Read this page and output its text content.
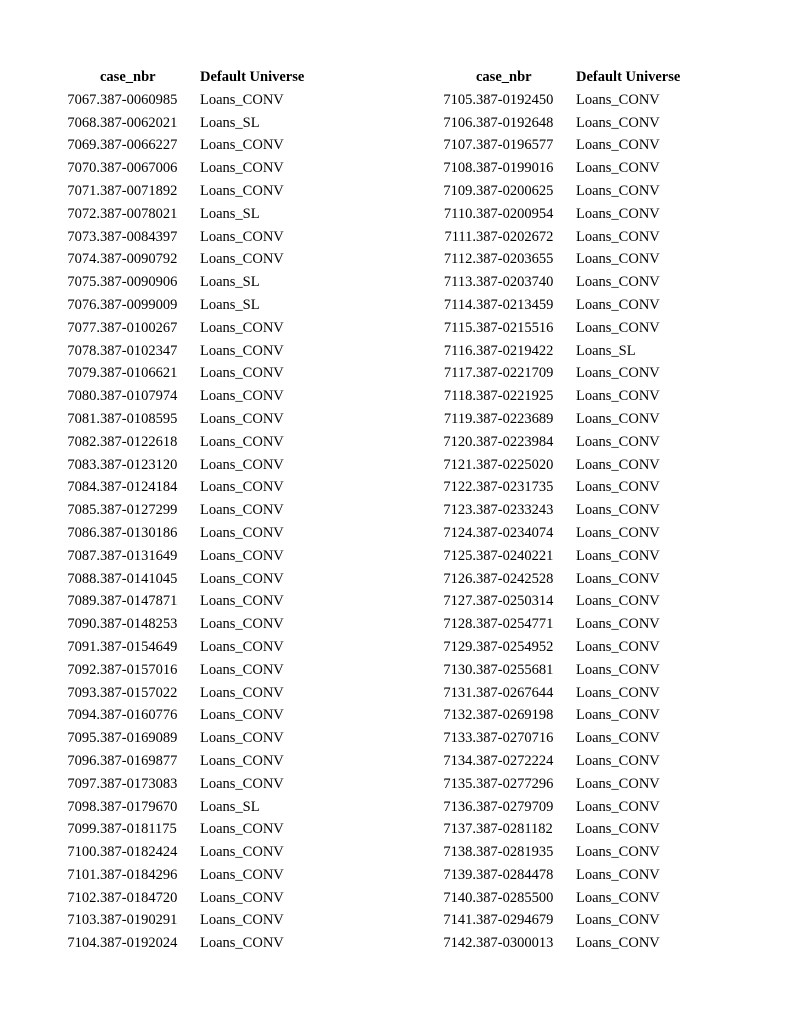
	case_nbr	Default Universe
7067.	387-0060985	Loans_CONV
7068.	387-0062021	Loans_SL
7069.	387-0066227	Loans_CONV
7070.	387-0067006	Loans_CONV
7071.	387-0071892	Loans_CONV
7072.	387-0078021	Loans_SL
7073.	387-0084397	Loans_CONV
7074.	387-0090792	Loans_CONV
7075.	387-0090906	Loans_SL
7076.	387-0099009	Loans_SL
7077.	387-0100267	Loans_CONV
7078.	387-0102347	Loans_CONV
7079.	387-0106621	Loans_CONV
7080.	387-0107974	Loans_CONV
7081.	387-0108595	Loans_CONV
7082.	387-0122618	Loans_CONV
7083.	387-0123120	Loans_CONV
7084.	387-0124184	Loans_CONV
7085.	387-0127299	Loans_CONV
7086.	387-0130186	Loans_CONV
7087.	387-0131649	Loans_CONV
7088.	387-0141045	Loans_CONV
7089.	387-0147871	Loans_CONV
7090.	387-0148253	Loans_CONV
7091.	387-0154649	Loans_CONV
7092.	387-0157016	Loans_CONV
7093.	387-0157022	Loans_CONV
7094.	387-0160776	Loans_CONV
7095.	387-0169089	Loans_CONV
7096.	387-0169877	Loans_CONV
7097.	387-0173083	Loans_CONV
7098.	387-0179670	Loans_SL
7099.	387-0181175	Loans_CONV
7100.	387-0182424	Loans_CONV
7101.	387-0184296	Loans_CONV
7102.	387-0184720	Loans_CONV
7103.	387-0190291	Loans_CONV
7104.	387-0192024	Loans_CONV
	case_nbr	Default Universe
7105.	387-0192450	Loans_CONV
7106.	387-0192648	Loans_CONV
7107.	387-0196577	Loans_CONV
7108.	387-0199016	Loans_CONV
7109.	387-0200625	Loans_CONV
7110.	387-0200954	Loans_CONV
7111.	387-0202672	Loans_CONV
7112.	387-0203655	Loans_CONV
7113.	387-0203740	Loans_CONV
7114.	387-0213459	Loans_CONV
7115.	387-0215516	Loans_CONV
7116.	387-0219422	Loans_SL
7117.	387-0221709	Loans_CONV
7118.	387-0221925	Loans_CONV
7119.	387-0223689	Loans_CONV
7120.	387-0223984	Loans_CONV
7121.	387-0225020	Loans_CONV
7122.	387-0231735	Loans_CONV
7123.	387-0233243	Loans_CONV
7124.	387-0234074	Loans_CONV
7125.	387-0240221	Loans_CONV
7126.	387-0242528	Loans_CONV
7127.	387-0250314	Loans_CONV
7128.	387-0254771	Loans_CONV
7129.	387-0254952	Loans_CONV
7130.	387-0255681	Loans_CONV
7131.	387-0267644	Loans_CONV
7132.	387-0269198	Loans_CONV
7133.	387-0270716	Loans_CONV
7134.	387-0272224	Loans_CONV
7135.	387-0277296	Loans_CONV
7136.	387-0279709	Loans_CONV
7137.	387-0281182	Loans_CONV
7138.	387-0281935	Loans_CONV
7139.	387-0284478	Loans_CONV
7140.	387-0285500	Loans_CONV
7141.	387-0294679	Loans_CONV
7142.	387-0300013	Loans_CONV
